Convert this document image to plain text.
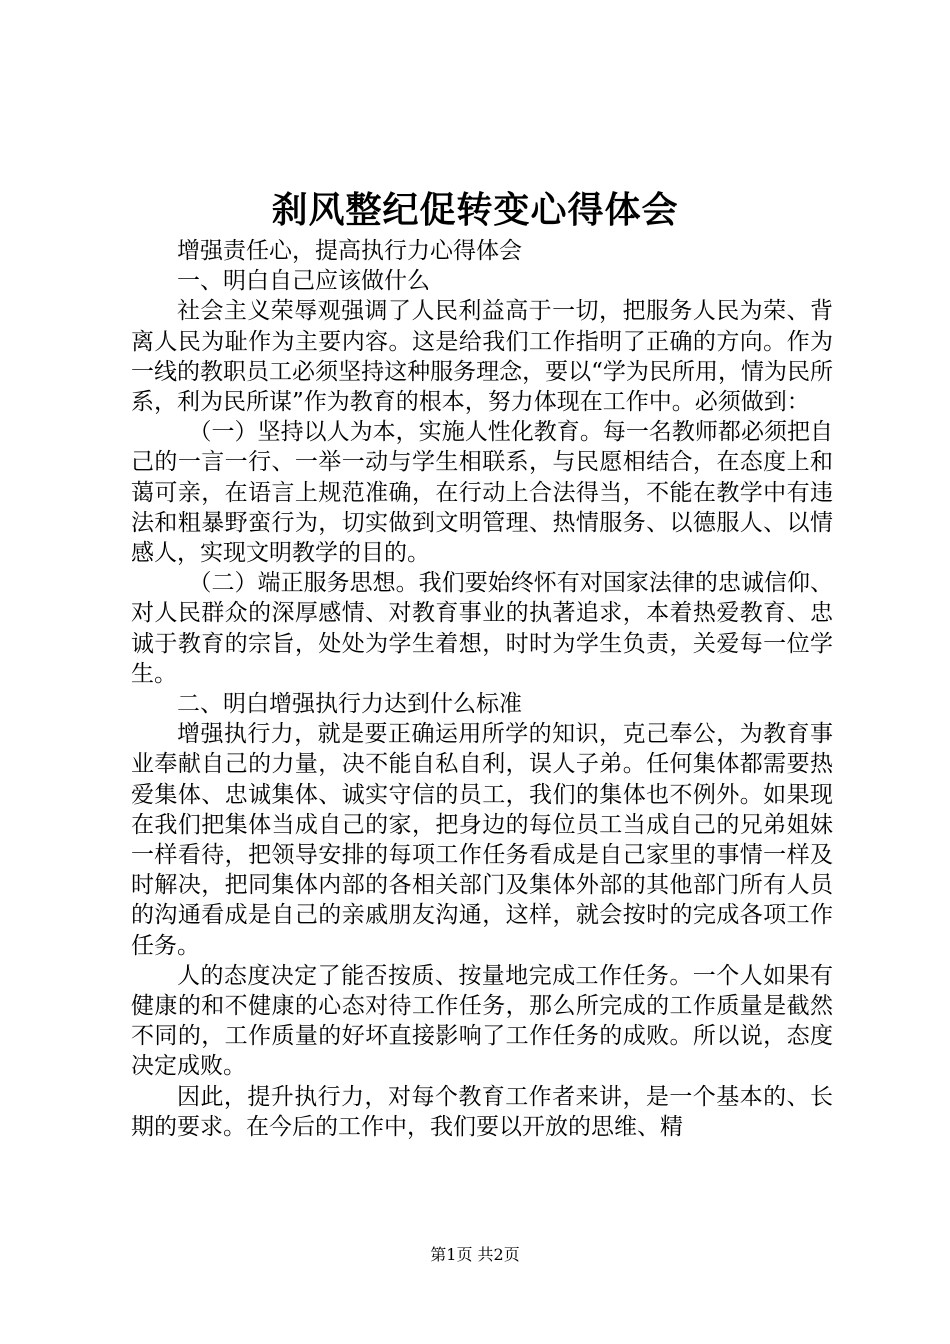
刹风整纪促转变心得体会

增强责任心，提高执行力心得体会

一、明白自己应该做什么

社会主义荣辱观强调了人民利益高于一切，把服务人民为荣、背离人民为耻作为主要内容。这是给我们工作指明了正确的方向。作为一线的教职员工必须坚持这种服务理念，要以“学为民所用，情为民所系，利为民所谋”作为教育的根本，努力体现在工作中。必须做到：

（一）坚持以人为本，实施人性化教育。每一名教师都必须把自己的一言一行、一举一动与学生相联系，与民愿相结合，在态度上和蔼可亲，在语言上规范准确，在行动上合法得当，不能在教学中有违法和粗暴野蛮行为，切实做到文明管理、热情服务、以德服人、以情感人，实现文明教学的目的。

（二）端正服务思想。我们要始终怀有对国家法律的忠诚信仰、对人民群众的深厚感情、对教育事业的执著追求，本着热爱教育、忠诚于教育的宗旨，处处为学生着想，时时为学生负责，关爱每一位学生。

二、明白增强执行力达到什么标准

增强执行力，就是要正确运用所学的知识，克己奉公，为教育事业奉献自己的力量，决不能自私自利，误人子弟。任何集体都需要热爱集体、忠诚集体、诚实守信的员工，我们的集体也不例外。如果现在我们把集体当成自己的家，把身边的每位员工当成自己的兄弟姐妹一样看待，把领导安排的每项工作任务看成是自己家里的事情一样及时解决，把同集体内部的各相关部门及集体外部的其他部门所有人员的沟通看成是自己的亲戚朋友沟通，这样，就会按时的完成各项工作任务。

人的态度决定了能否按质、按量地完成工作任务。一个人如果有健康的和不健康的心态对待工作任务，那么所完成的工作质量是截然不同的，工作质量的好坏直接影响了工作任务的成败。所以说，态度决定成败。

因此，提升执行力，对每个教育工作者来讲，是一个基本的、长期的要求。在今后的工作中，我们要以开放的思维、精

第1页 共2页
